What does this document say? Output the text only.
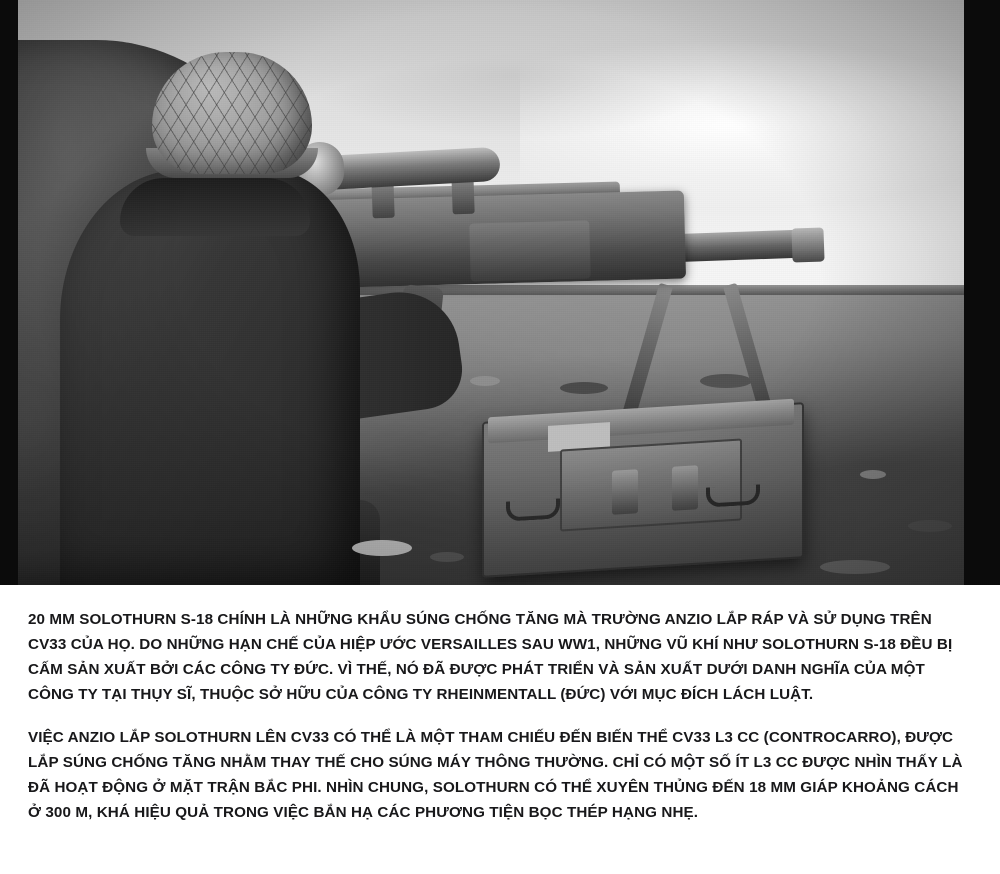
20 MM SOLOTHURN S-18 CHÍNH LÀ NHỮNG KHẨU SÚNG CHỐNG TĂNG MÀ TRƯỜNG ANZIO LẮP RÁP VÀ SỬ DỤNG TRÊN CV33 CỦA HỌ. DO NHỮNG HẠN CHẾ CỦA HIỆP ƯỚC VERSAILLES SAU WW1, NHỮNG VŨ KHÍ NHƯ SOLOTHURN S-18 ĐỀU BỊ CẤM SẢN XUẤT BỞI CÁC CÔNG TY ĐỨC. VÌ THẾ, NÓ ĐÃ ĐƯỢC PHÁT TRIỂN VÀ SẢN XUẤT DƯỚI DANH NGHĨA CỦA MỘT CÔNG TY TẠI THỤY SĨ, THUỘC SỞ HỮU CỦA CÔNG TY RHEINMENTALL (ĐỨC) VỚI MỤC ĐÍCH LÁCH LUẬT.

VIỆC ANZIO LẮP SOLOTHURN LÊN CV33 CÓ THỂ LÀ MỘT THAM CHIẾU ĐẾN BIẾN THỂ CV33 L3 CC (CONTROCARRO), ĐƯỢC LẮP SÚNG CHỐNG TĂNG NHẰM THAY THẾ CHO SÚNG MÁY THÔNG THƯỜNG. CHỈ CÓ MỘT SỐ ÍT L3 CC ĐƯỢC NHÌN THẤY LÀ ĐÃ HOẠT ĐỘNG Ở MẶT TRẬN BẮC PHI. NHÌN CHUNG, SOLOTHURN CÓ THỂ XUYÊN THỦNG ĐẾN 18 MM GIÁP KHOẢNG CÁCH Ở 300 M, KHÁ HIỆU QUẢ TRONG VIỆC BẮN HẠ CÁC PHƯƠNG TIỆN BỌC THÉP HẠNG NHẸ.
